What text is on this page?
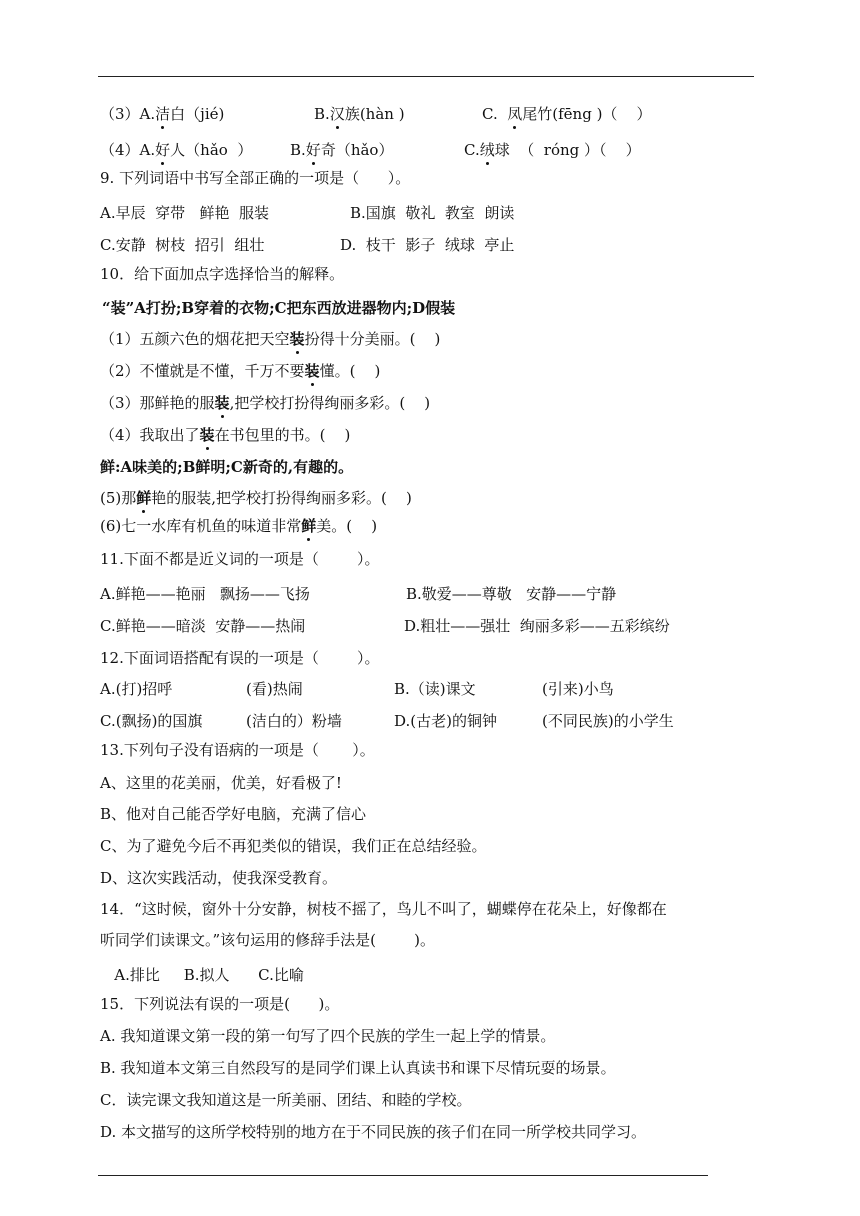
（3）A.洁白（jié)	B.汉族(hàn )	C.  凤尾竹(fēng )（    ）
（4）A.好人（hǎo  ）	B.好奇（hǎo）	C.绒球  （  róng ）（    ）
9. 下列词语中书写全部正确的一项是（      ）。
A.早辰  穿带   鲜艳  服装	B.国旗  敬礼  教室  朗读
C.安静  树枝  招引  组壮	D.  枝干  影子  绒球  亭止
10．给下面加点字选择恰当的解释。
“装”A打扮;B穿着的衣物;C把东西放进器物内;D假装
（1）五颜六色的烟花把天空装扮得十分美丽。(    )
（2）不懂就是不懂，千万不要装懂。(    )
（3）那鲜艳的服装,把学校打扮得绚丽多彩。(    )
（4）我取出了装在书包里的书。(    )
鲜:A味美的;B鲜明;C新奇的,有趣的。
(5)那鲜艳的服装,把学校打扮得绚丽多彩。(    )
(6)七一水库有机鱼的味道非常鲜美。(    )
11.下面不都是近义词的一项是（        ）。
A.鲜艳——艳丽   飘扬——飞扬	B.敬爱——尊敬   安静——宁静
C.鲜艳——暗淡  安静——热闹	D.粗壮——强壮  绚丽多彩——五彩缤纷
12.下面词语搭配有误的一项是（        ）。
A.(打)招呼	(看)热闹	B.（读)课文	(引来)小鸟
C.(飘扬)的国旗	(洁白的）粉墙	D.(古老)的铜钟	(不同民族)的小学生
13.下列句子没有语病的一项是（       ）。
A、这里的花美丽，优美，好看极了!
B、他对自己能否学好电脑，充满了信心
C、为了避免今后不再犯类似的错误，我们正在总结经验。
D、这次实践活动，使我深受教育。
14．“这时候，窗外十分安静，树枝不摇了，鸟儿不叫了，蝴蝶停在花朵上，好像都在
听同学们读课文。”该句运用的修辞手法是(        )。
A.排比     B.拟人      C.比喻
15．下列说法有误的一项是(      )。
A. 我知道课文第一段的第一句写了四个民族的学生一起上学的情景。
B. 我知道本文第三自然段写的是同学们课上认真读书和课下尽情玩耍的场景。
C．读完课文我知道这是一所美丽、团结、和睦的学校。
D. 本文描写的这所学校特别的地方在于不同民族的孩子们在同一所学校共同学习。
